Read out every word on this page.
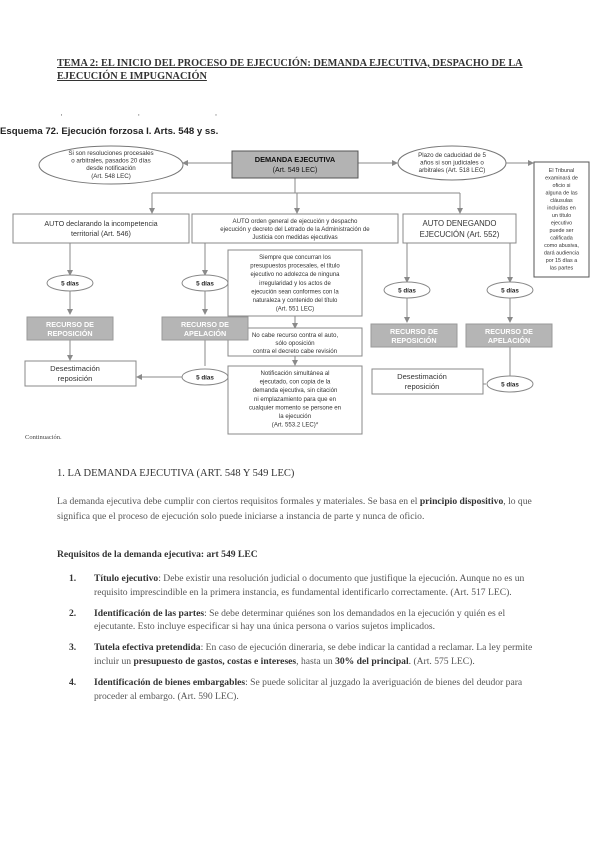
TEMA 2: EL INICIO DEL PROCESO DE EJECUCIÓN: DEMANDA EJECUTIVA, DESPACHO DE LA EJECUCIÓN E IMPUGNACIÓN
· · ·
Esquema 72. Ejecución forzosa I. Arts. 548 y ss.
DEMANDA EJECUTIVA
(Art. 549 LEC)
Si son resoluciones procesales
o arbitrales, pasados 20 días
desde notificación
(Art. 548 LEC)
Plazo de caducidad de 5
años si son judiciales o
arbitrales (Art. 518 LEC)	El Tribunal
examinará de
oficio si
alguna de las
cláusulas
incluidas en
un título
ejecutivo
puede ser
calificada
como abusiva,
dará audiencia
por 15 días a
las partes
AUTO declarando la incompetencia
territorial (Art. 546)
AUTO orden general de ejecución y despacho
ejecución y decreto del Letrado de la Administración de
Justicia con medidas ejecutivas
AUTO DENEGANDO
EJECUCIÓN (Art. 552)
Siempre que concurran los
presupuestos procesales, el título
ejecutivo no adolezca de ninguna
irregularidad y los actos de
ejecución sean conformes con la
naturaleza y contenido del título
(Art. 551 LEC)
No cabe recurso contra el auto,
sólo oposición
contra el decreto cabe revisión
Notificación simultánea al
ejecutado, con copia de la
demanda ejecutiva, sin citación
ni emplazamiento para que en
cualquier momento se persone en
la ejecución
(Art. 553.2 LEC)*
5 días	5 días
5 días	5 días
5 días
5 días
RECURSO DE
REPOSICIÓN
RECURSO DE
APELACIÓN	RECURSO DE
REPOSICIÓN
RECURSO DE
APELACIÓN
Desestimación
reposición	Desestimación
reposición
Continuación.
1. LA DEMANDA EJECUTIVA (ART. 548 Y 549 LEC)
La demanda ejecutiva debe cumplir con ciertos requisitos formales y materiales. Se basa en el principio dispositivo, lo que significa que el proceso de ejecución solo puede iniciarse a instancia de parte y nunca de oficio.
Requisitos de la demanda ejecutiva: art 549 LEC
1. Título ejecutivo: Debe existir una resolución judicial o documento que justifique la ejecución. Aunque no es un requisito imprescindible en la primera instancia, es fundamental identificarlo correctamente. (Art. 517 LEC).
2. Identificación de las partes: Se debe determinar quiénes son los demandados en la ejecución y quién es el ejecutante. Esto incluye especificar si hay una única persona o varios sujetos implicados.
3. Tutela efectiva pretendida: En caso de ejecución dineraria, se debe indicar la cantidad a reclamar. La ley permite incluir un presupuesto de gastos, costas e intereses, hasta un 30% del principal. (Art. 575 LEC).
4. Identificación de bienes embargables: Se puede solicitar al juzgado la averiguación de bienes del deudor para proceder al embargo. (Art. 590 LEC).
